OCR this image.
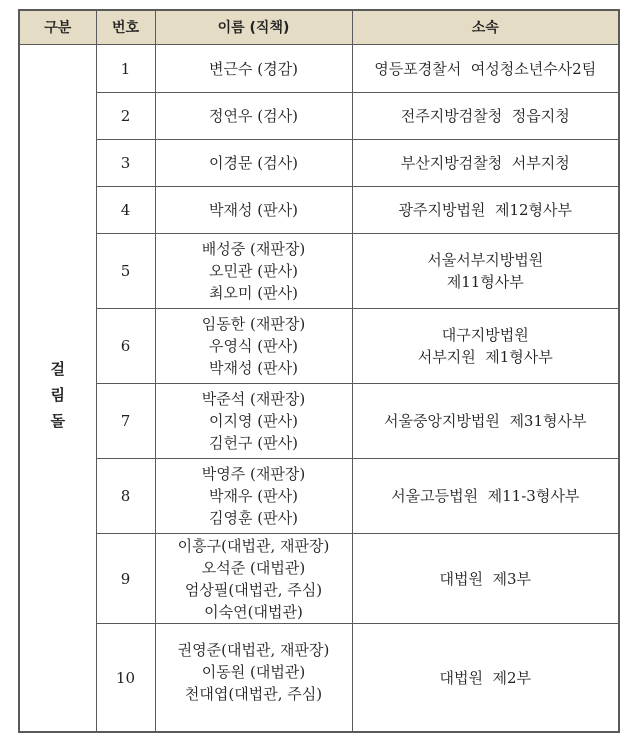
구분	번호	이름 (직책)	소속

걸
림
돌	1	변근수 (경감)	영등포경찰서  여성청소년수사2팀

	2	정연우 (검사)	전주지방검찰청  정읍지청

	3	이경문 (검사)	부산지방검찰청  서부지청

	4	박재성 (판사)	광주지방법원  제12형사부

	5	배성중 (재판장)
오민관 (판사)
최오미 (판사)	서울서부지방법원
제11형사부

	6	임동한 (재판장)
우영식 (판사)
박재성 (판사)	대구지방법원
서부지원  제1형사부

	7	박준석 (재판장)
이지영 (판사)
김헌구 (판사)	서울중앙지방법원  제31형사부

	8	박영주 (재판장)
박재우 (판사)
김영훈 (판사)	서울고등법원  제11-3형사부

	9	이흥구(대법관, 재판장)
오석준 (대법관)
엄상필(대법관, 주심)
이숙연(대법관)	대법원  제3부

	10	권영준(대법관, 재판장)
이동원 (대법관)
천대엽(대법관, 주심)	대법원  제2부
